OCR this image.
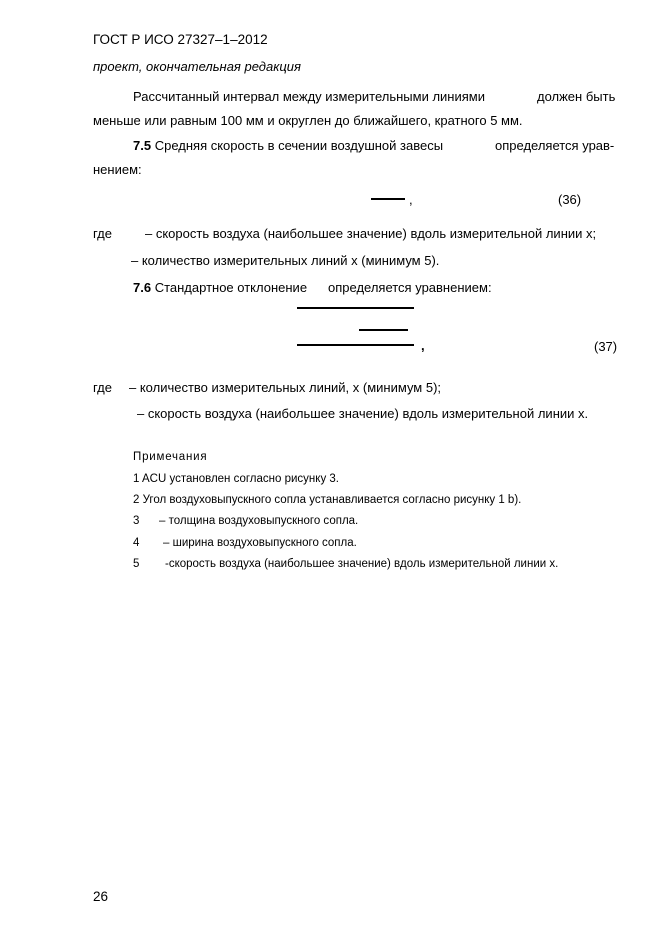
ГОСТ Р ИСО 27327–1–2012
проект, окончательная редакция
Рассчитанный интервал между измерительными линиями	должен быть
меньше или равным 100 мм и округлен до ближайшего, кратного 5 мм.
7.5 Средняя скорость в сечении воздушной завесы	определяется урав-
нением:
,	(36)
где	– скорость воздуха (наибольшее значение) вдоль измерительной линии x;
– количество измерительных линий x (минимум 5).
7.6 Стандартное отклонение определяется уравнением:
,	(37)
где – количество измерительных линий, x (минимум 5);
– скорость воздуха (наибольшее значение) вдоль измерительной линии x.
Примечания
1 ACU установлен согласно рисунку 3.
2 Угол воздуховыпускного сопла устанавливается согласно рисунку 1 b).
3 – толщина воздуховыпускного сопла.
4 – ширина воздуховыпускного сопла.
5 -скорость воздуха (наибольшее значение) вдоль измерительной линии x.
26
